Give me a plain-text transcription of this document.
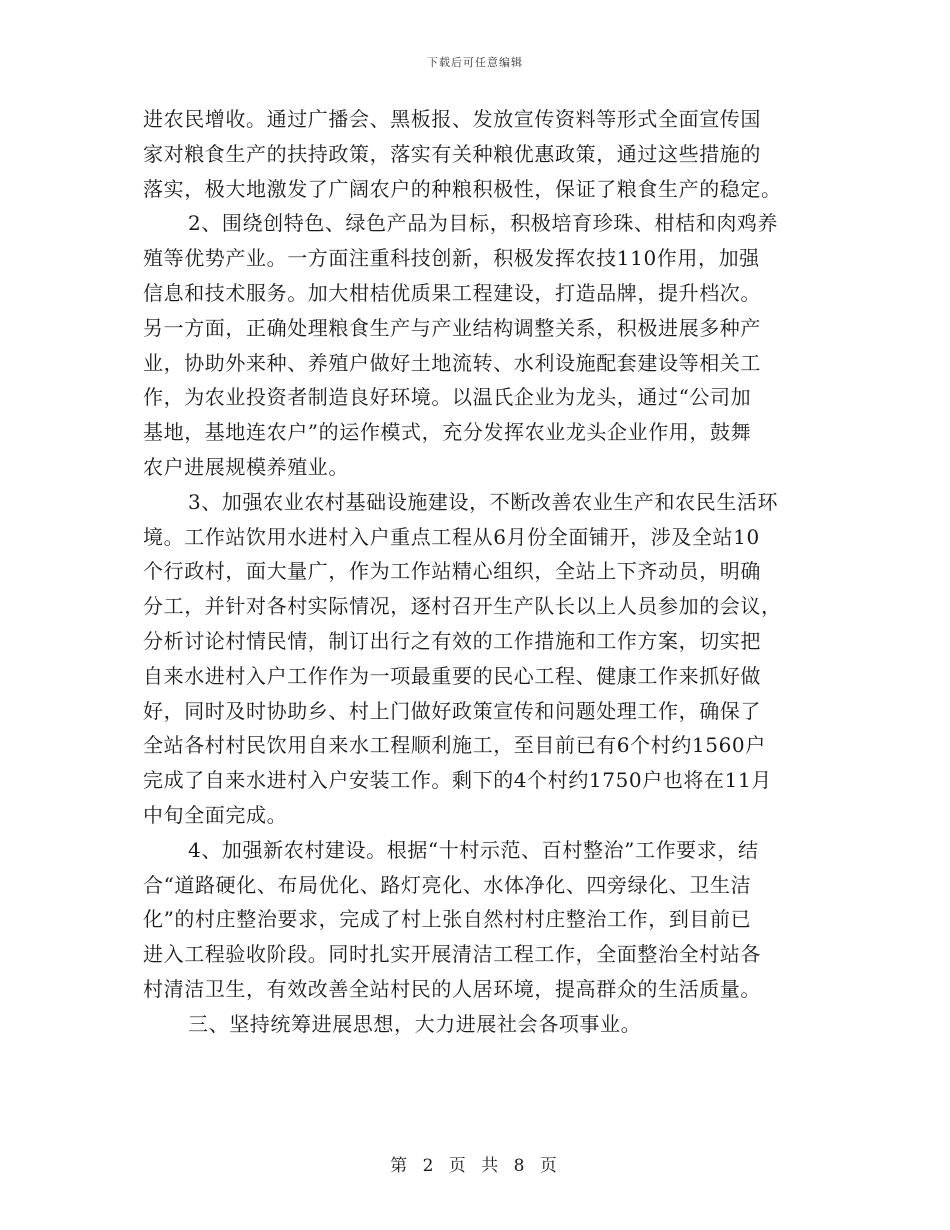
下载后可任意编辑
进农民增收。通过广播会、黑板报、发放宣传资料等形式全面宣传国
家对粮食生产的扶持政策，落实有关种粮优惠政策，通过这些措施的
落实，极大地激发了广阔农户的种粮积极性，保证了粮食生产的稳定。
2、围绕创特色、绿色产品为目标，积极培育珍珠、柑桔和肉鸡养
殖等优势产业。一方面注重科技创新，积极发挥农技110作用，加强
信息和技术服务。加大柑桔优质果工程建设，打造品牌，提升档次。
另一方面，正确处理粮食生产与产业结构调整关系，积极进展多种产
业，协助外来种、养殖户做好土地流转、水利设施配套建设等相关工
作，为农业投资者制造良好环境。以温氏企业为龙头，通过“公司加
基地，基地连农户”的运作模式，充分发挥农业龙头企业作用，鼓舞
农户进展规模养殖业。
3、加强农业农村基础设施建设，不断改善农业生产和农民生活环
境。工作站饮用水进村入户重点工程从6月份全面铺开，涉及全站10
个行政村，面大量广，作为工作站精心组织，全站上下齐动员，明确
分工，并针对各村实际情况，逐村召开生产队长以上人员参加的会议，
分析讨论村情民情，制订出行之有效的工作措施和工作方案，切实把
自来水进村入户工作作为一项最重要的民心工程、健康工作来抓好做
好，同时及时协助乡、村上门做好政策宣传和问题处理工作，确保了
全站各村村民饮用自来水工程顺利施工，至目前已有6个村约1560户
完成了自来水进村入户安装工作。剩下的4个村约1750户也将在11月
中旬全面完成。
4、加强新农村建设。根据“十村示范、百村整治”工作要求，结
合“道路硬化、布局优化、路灯亮化、水体净化、四旁绿化、卫生洁
化”的村庄整治要求，完成了村上张自然村村庄整治工作，到目前已
进入工程验收阶段。同时扎实开展清洁工程工作，全面整治全村站各
村清洁卫生，有效改善全站村民的人居环境，提高群众的生活质量。
三、坚持统筹进展思想，大力进展社会各项事业。
第 2 页 共 8 页
